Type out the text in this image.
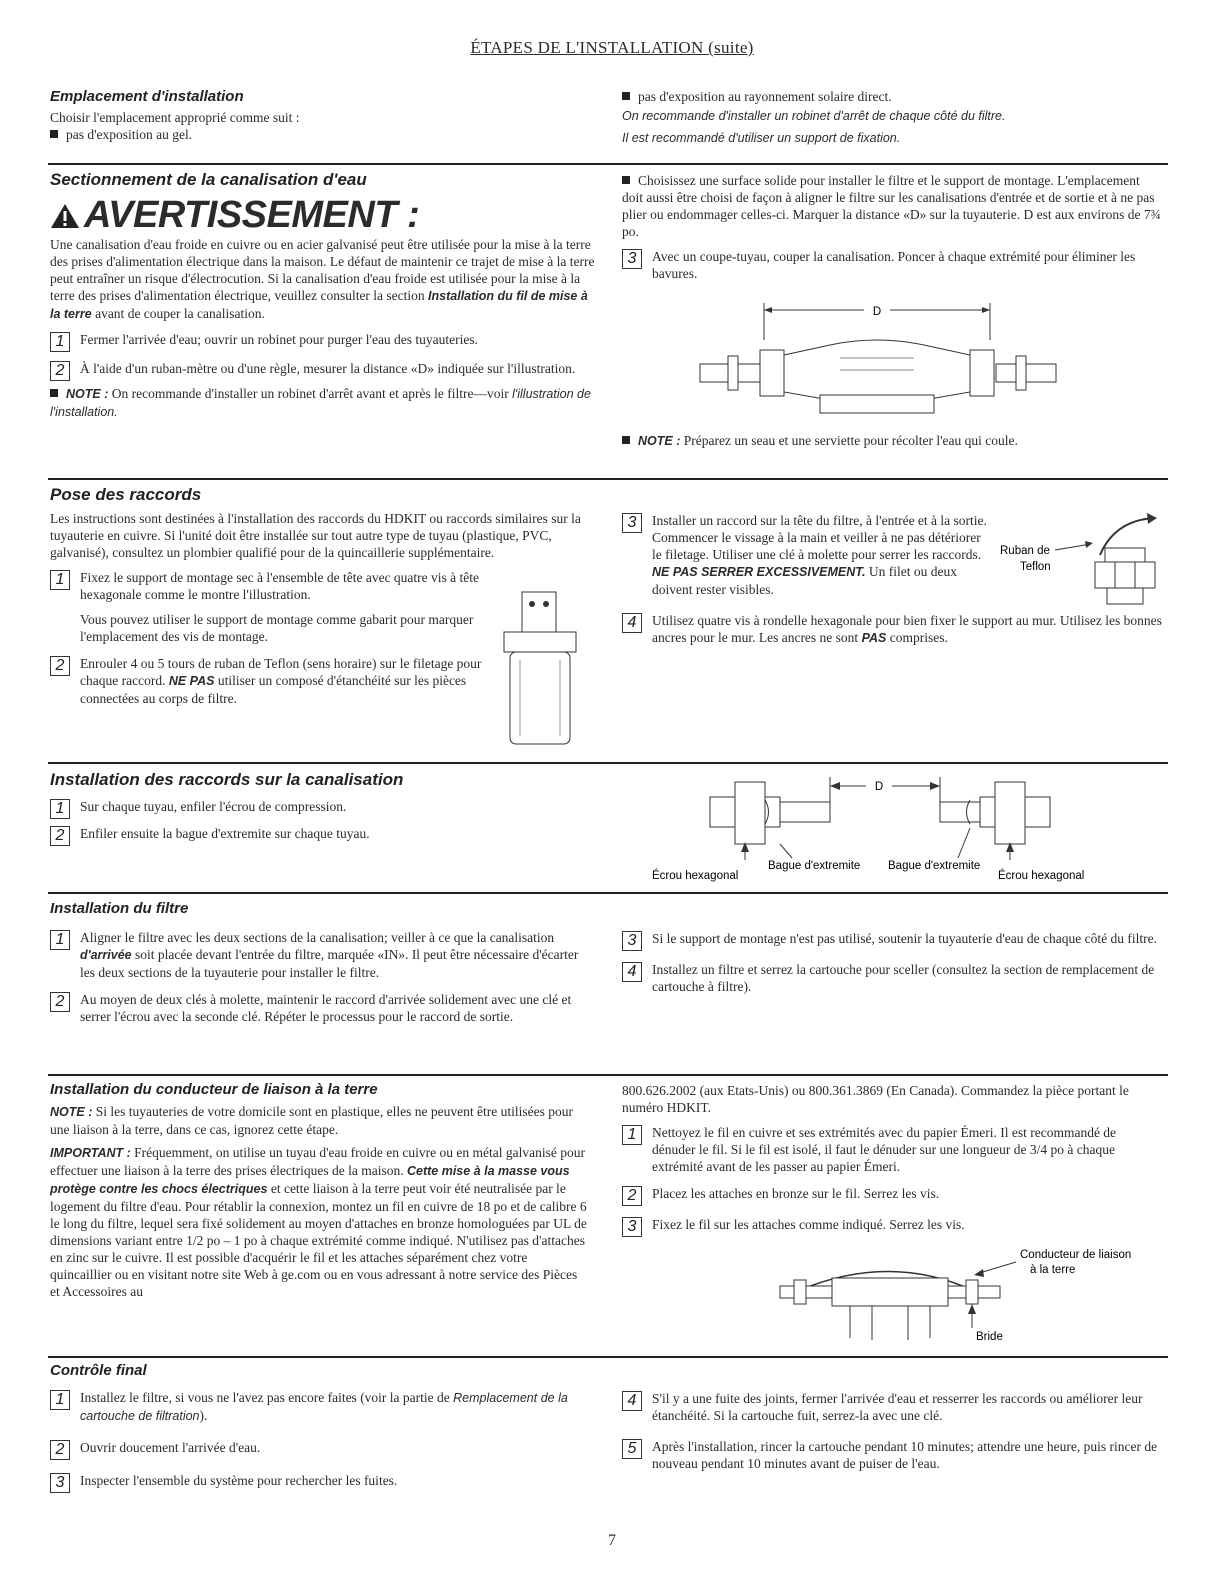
ÉTAPES DE L'INSTALLATION (suite)
Emplacement d'installation

Choisir l'emplacement approprié comme suit :

pas d'exposition au gel.

pas d'exposition au rayonnement solaire direct.

On recommande d'installer un robinet d'arrêt de chaque côté du filtre.

Il est recommandé d'utiliser un support de fixation.

Sectionnement de la canalisation d'eau
AVERTISSEMENT :

Une canalisation d'eau froide en cuivre ou en acier galvanisé peut être utilisée pour la mise à la terre des prises d'alimentation électrique dans la maison. Le défaut de maintenir ce trajet de mise à la terre peut entraîner un risque d'électrocution. Si la canalisation d'eau froide est utilisée pour la mise à la terre des prises d'alimentation électrique, veuillez consulter la section Installation du fil de mise à la terre avant de couper la canalisation.

1	Fermer l'arrivée d'eau; ouvrir un robinet pour purger l'eau des tuyauteries.

2	À l'aide d'un ruban-mètre ou d'une règle, mesurer la distance «D» indiquée sur l'illustration.

NOTE : On recommande d'installer un robinet d'arrêt avant et après le filtre—voir l'illustration de l'installation.

Choisissez une surface solide pour installer le filtre et le support de montage. L'emplacement doit aussi être choisi de façon à aligner le filtre sur les canalisations d'entrée et de sortie et à ne pas plier ou endommager celles-ci. Marquer la distance «D» sur la tuyauterie. D est aux environs de 7¾ po.

3	Avec un coupe-tuyau, couper la canalisation. Poncer à chaque extrémité pour éliminer les bavures.

D

NOTE : Préparez un seau et une serviette pour récolter l'eau qui coule.

Pose des raccords

Les instructions sont destinées à l'installation des raccords du HDKIT ou raccords similaires sur la tuyauterie en cuivre. Si l'unité doit être installée sur tout autre type de tuyau (plastique, PVC, galvanisé), consultez un plombier qualifié pour de la quincaillerie supplémentaire.

1	Fixez le support de montage sec à l'ensemble de tête avec quatre vis à tête hexagonale comme le montre l'illustration.

Vous pouvez utiliser le support de montage comme gabarit pour marquer l'emplacement des vis de montage.

2	Enrouler 4 ou 5 tours de ruban de Teflon (sens horaire) sur le filetage pour chaque raccord. NE PAS utiliser un composé d'étanchéité sur les pièces connectées au corps de filtre.

3	Installer un raccord sur la tête du filtre, à l'entrée et à la sortie. Commencer le vissage à la main et veiller à ne pas détériorer le filetage. Utiliser une clé à molette pour serrer les raccords. NE PAS SERRER EXCESSIVEMENT. Un filet ou deux doivent rester visibles.

4	Utilisez quatre vis à rondelle hexagonale pour bien fixer le support au mur. Utilisez les bonnes ancres pour le mur. Les ancres ne sont PAS comprises.

Ruban de
Teflon
Installation des raccords sur la canalisation
1	Sur chaque tuyau, enfiler l'écrou de compression.

2	Enfiler ensuite la bague d'extremite sur chaque tuyau.

D
Écrou hexagonal
Bague d'extremite Bague d'extremite
Écrou hexagonal
Installation du filtre
1	Aligner le filtre avec les deux sections de la canalisation; veiller à ce que la canalisation d'arrivée soit placée devant l'entrée du filtre, marquée «IN». Il peut être nécessaire d'écarter les deux sections de la tuyauterie pour installer le filtre.

2	Au moyen de deux clés à molette, maintenir le raccord d'arrivée solidement avec une clé et serrer l'écrou avec la seconde clé. Répéter le processus pour le raccord de sortie.

3	Si le support de montage n'est pas utilisé, soutenir la tuyauterie d'eau de chaque côté du filtre.

4	Installez un filtre et serrez la cartouche pour sceller (consultez la section de remplacement de cartouche à filtre).

Installation du conducteur de liaison à la terre

NOTE : Si les tuyauteries de votre domicile sont en plastique, elles ne peuvent être utilisées pour une liaison à la terre, dans ce cas, ignorez cette étape.

IMPORTANT : Fréquemment, on utilise un tuyau d'eau froide en cuivre ou en métal galvanisé pour effectuer une liaison à la terre des prises électriques de la maison. Cette mise à la masse vous protège contre les chocs électriques et cette liaison à la terre peut voir été neutralisée par le logement du filtre d'eau. Pour rétablir la connexion, montez un fil en cuivre de 18 po et de calibre 6 le long du filtre, lequel sera fixé solidement au moyen d'attaches en bronze homologuées par UL de dimensions variant entre 1/2 po – 1 po à chaque extrémité comme indiqué. N'utilisez pas d'attaches en zinc sur le cuivre. Il est possible d'acquérir le fil et les attaches séparément chez votre quincaillier ou en visitant notre site Web à ge.com ou en vous adressant à notre service des Pièces et Accessoires au

800.626.2002 (aux Etats-Unis) ou 800.361.3869 (En Canada). Commandez la pièce portant le numéro HDKIT.

1	Nettoyez le fil en cuivre et ses extrémités avec du papier Émeri. Il est recommandé de dénuder le fil. Si le fil est isolé, il faut le dénuder sur une longueur de 3/4 po à chaque extrémité avant de les passer au papier Émeri.

2	Placez les attaches en bronze sur le fil. Serrez les vis.

3	Fixez le fil sur les attaches comme indiqué. Serrez les vis.

Conducteur de liaison
à la terre
Bride
Contrôle final
1	Installez le filtre, si vous ne l'avez pas encore faites (voir la partie de Remplacement de la cartouche de filtration).

2	Ouvrir doucement l'arrivée d'eau.

3	Inspecter l'ensemble du système pour rechercher les fuites.

4	S'il y a une fuite des joints, fermer l'arrivée d'eau et resserrer les raccords ou améliorer leur étanchéité. Si la cartouche fuit, serrez-la avec une clé.

5	Après l'installation, rincer la cartouche pendant 10 minutes; attendre une heure, puis rincer de nouveau pendant 10 minutes avant de puiser de l'eau.

7
